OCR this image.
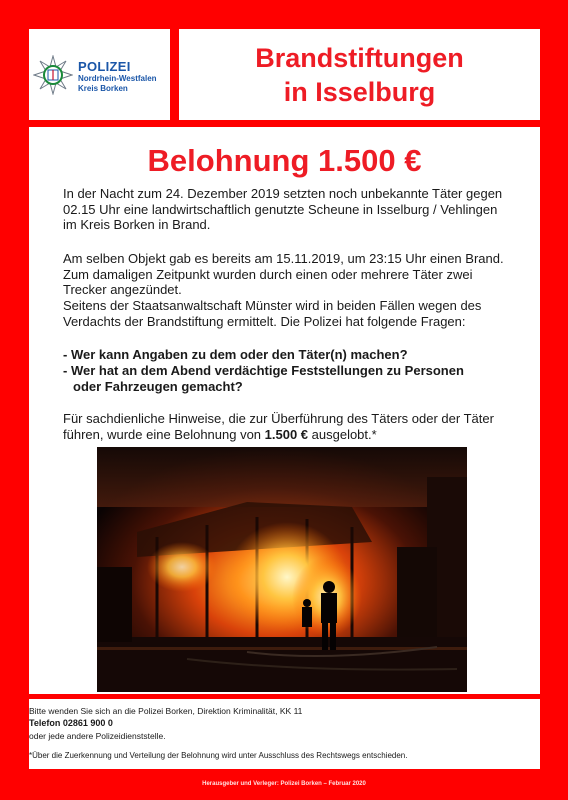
POLIZEI
Nordrhein-Westfalen
Kreis Borken
Brandstiftungen
in Isselburg
Belohnung 1.500 €
In der Nacht zum 24. Dezember 2019 setzten noch unbekannte Täter gegen 02.15 Uhr eine landwirtschaftlich genutzte Scheune in Isselburg / Vehlingen im Kreis Borken in Brand.
Am selben Objekt gab es bereits am 15.11.2019, um 23:15 Uhr einen Brand. Zum damaligen Zeitpunkt wurden durch einen oder mehrere Täter zwei Trecker angezündet.
Seitens der Staatsanwaltschaft Münster wird in beiden Fällen wegen des Verdachts der Brandstiftung ermittelt. Die Polizei hat folgende Fragen:
- Wer kann Angaben zu dem oder den Täter(n) machen?
- Wer hat an dem Abend verdächtige Feststellungen zu Personen
oder Fahrzeugen gemacht?
Für sachdienliche Hinweise, die zur Überführung des Täters oder der Täter führen, wurde eine Belohnung von 1.500 € ausgelobt.*
Bitte wenden Sie sich an die Polizei Borken, Direktion Kriminalität, KK 11
Telefon 02861 900 0
oder jede andere Polizeidienststelle.
*Über die Zuerkennung und Verteilung der Belohnung wird unter Ausschluss des Rechtswegs entschieden.
Herausgeber und Verleger: Polizei Borken – Februar 2020
